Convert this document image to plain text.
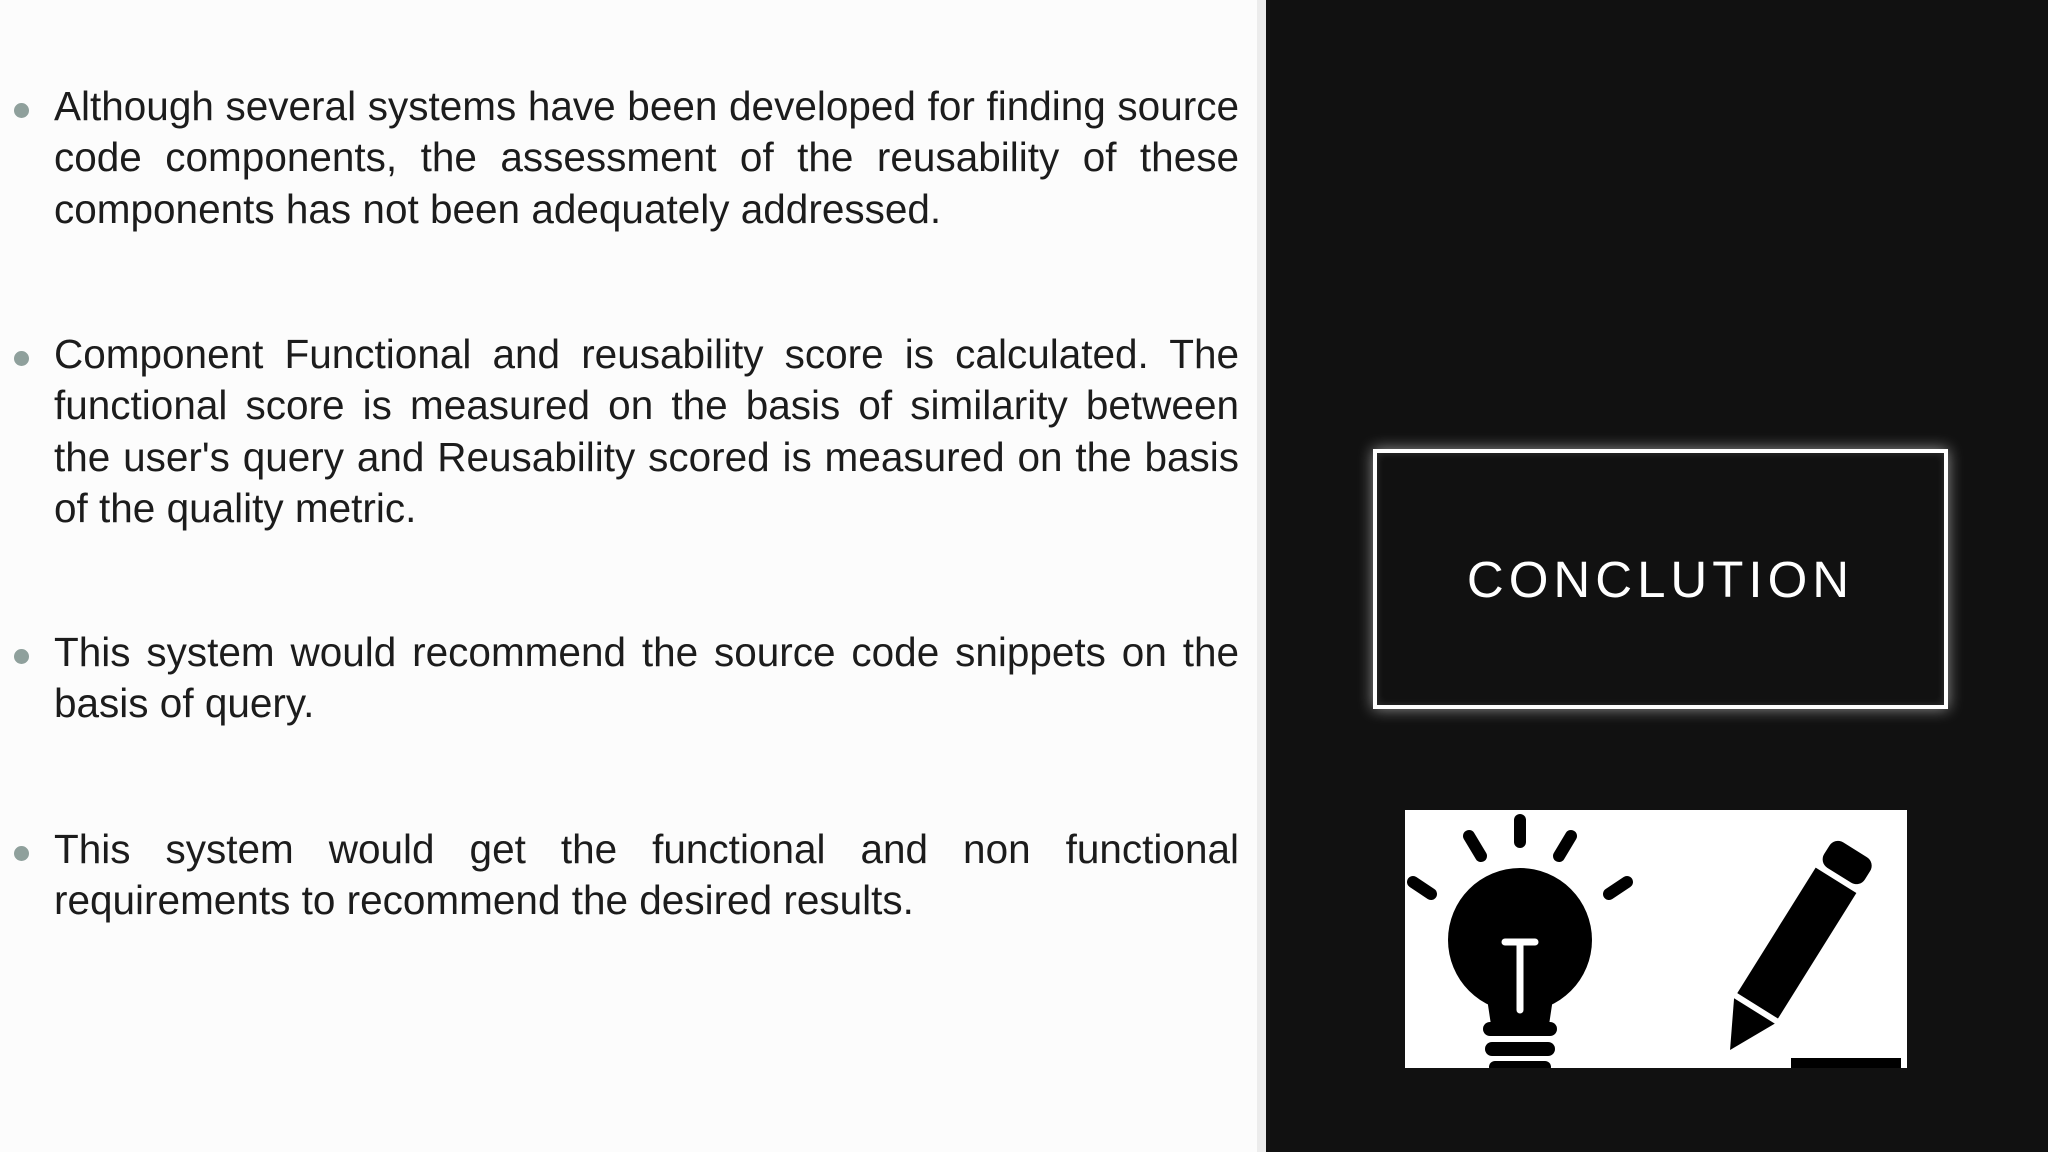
Although several systems have been developed for finding source code components, the assessment of the reusability of these components has not been adequately addressed.

Component Functional and reusability score is calculated. The functional score is measured on the basis of similarity between the user's query and Reusability scored is measured on the basis of the quality metric.

This system would recommend the source code snippets on the basis of query.

This system would get the functional and non functional requirements to recommend the desired results.

CONCLUTION
